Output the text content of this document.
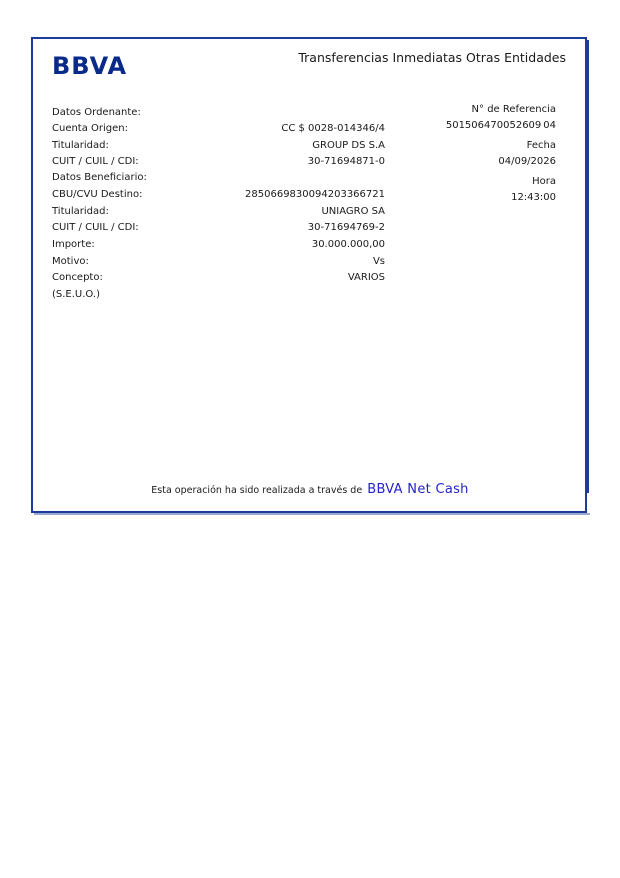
BBVA	Transferencias Inmediatas Otras Entidades
Datos Ordenante:
Cuenta Origen:
Titularidad:
CUIT / CUIL / CDI:
Datos Beneficiario:
CBU/CVU Destino:
Titularidad:
CUIT / CUIL / CDI:
Importe:
Motivo:
Concepto:
(S.E.U.O.)
CC $ 0028-014346/4
GROUP DS S.A
30-71694871-0
2850669830094203366721
UNIAGRO SA
30-71694769-2
30.000.000,00
Vs
VARIOS
N° de Referencia
501506470052609 04
Fecha
04/09/2026
Hora
12:43:00
Esta operación ha sido realizada a través de BBVA Net Cash
